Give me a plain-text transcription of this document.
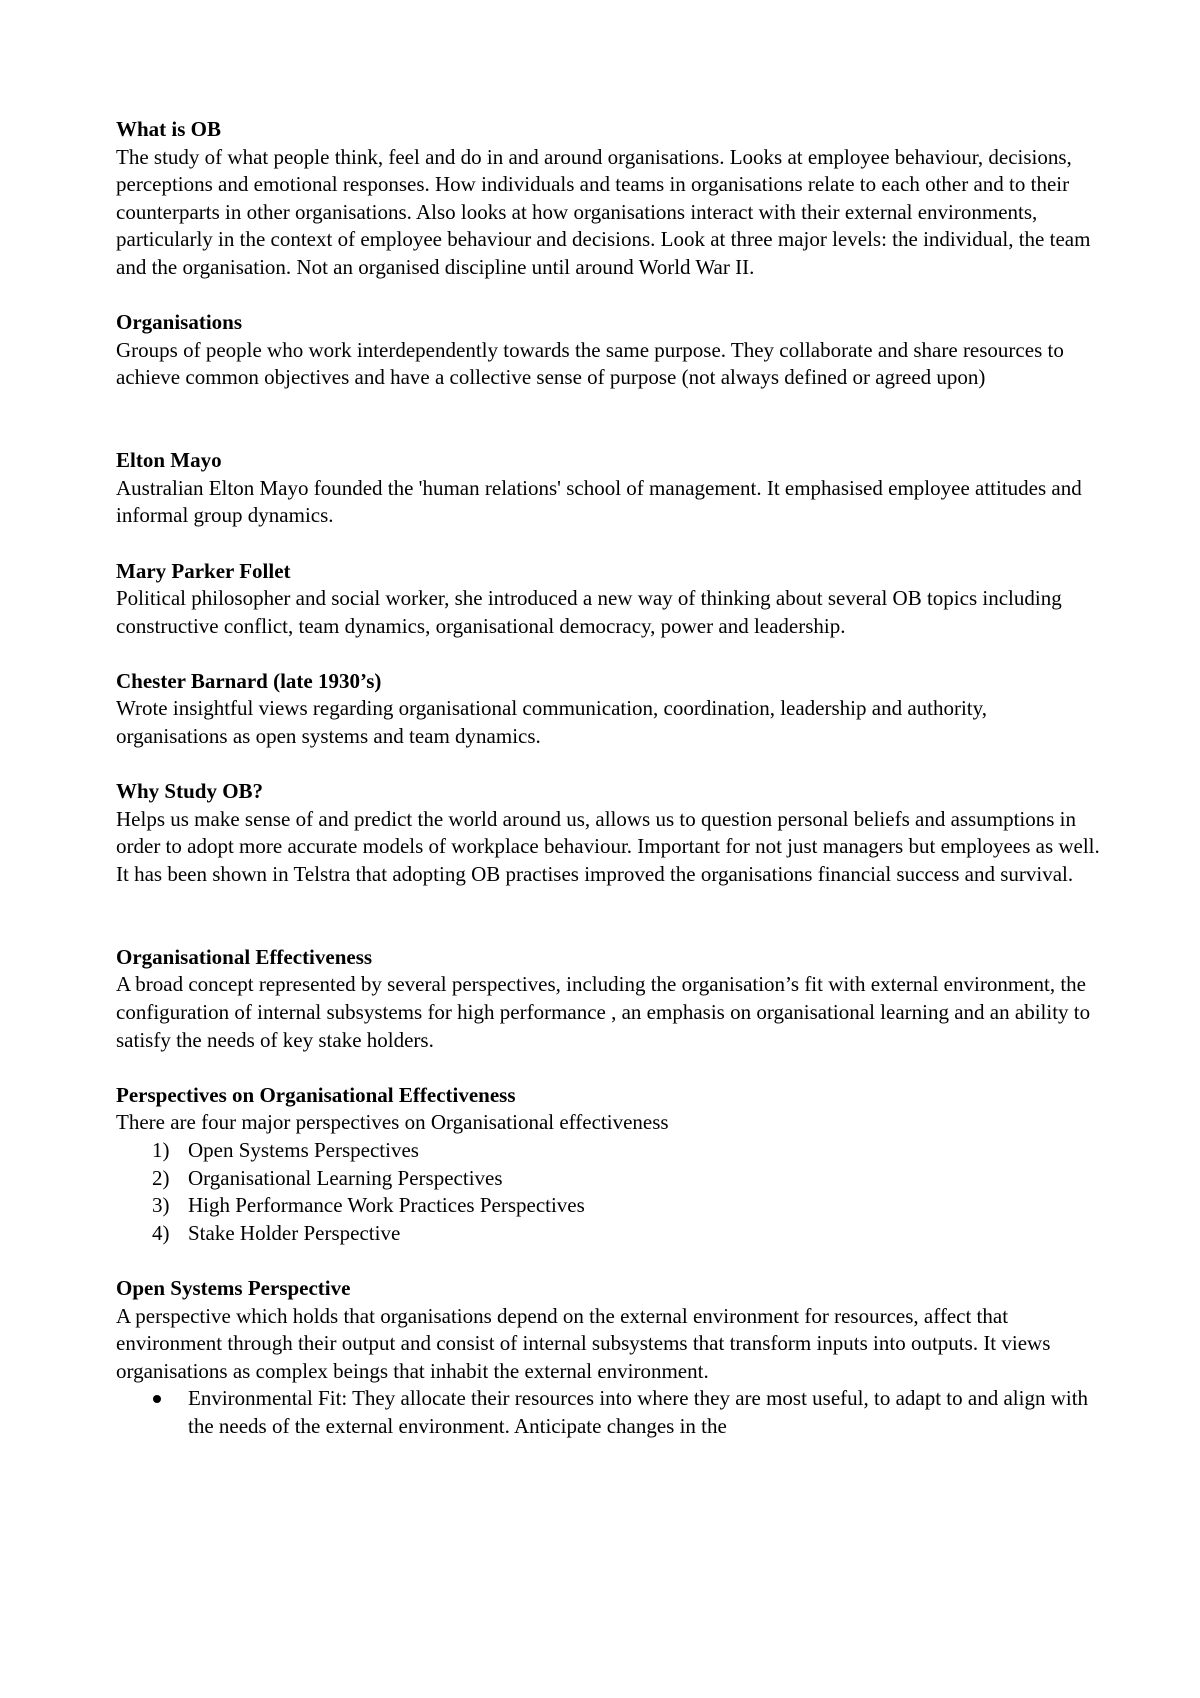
What is OB
The study of what people think, feel and do in and around organisations. Looks at employee behaviour, decisions, perceptions and emotional responses. How individuals and teams in organisations relate to each other and to their counterparts in other organisations. Also looks at how organisations interact with their external environments, particularly in the context of employee behaviour and decisions. Look at three major levels: the individual, the team and the organisation. Not an organised discipline until around World War II.
Organisations
Groups of people who work interdependently towards the same purpose. They collaborate and share resources to achieve common objectives and have a collective sense of purpose (not always defined or agreed upon)
Elton Mayo
Australian Elton Mayo founded the 'human relations' school of management. It emphasised employee attitudes and informal group dynamics.
Mary Parker Follet
Political philosopher and social worker, she introduced a new way of thinking about several OB topics including constructive conflict, team dynamics, organisational democracy, power and leadership.
Chester Barnard (late 1930’s)
Wrote insightful views regarding organisational communication, coordination, leadership and authority, organisations as open systems and team dynamics.
Why Study OB?
Helps us make sense of and predict the world around us, allows us to question personal beliefs and assumptions in order to adopt more accurate models of workplace behaviour. Important for not just managers but employees as well. It has been shown in Telstra that adopting OB practises improved the organisations financial success and survival.
Organisational Effectiveness
A broad concept represented by several perspectives, including the organisation’s fit with external environment, the configuration of internal subsystems for high performance , an emphasis on organisational learning and an ability to satisfy the needs of key stake holders.
Perspectives on Organisational Effectiveness
There are four major perspectives on Organisational effectiveness
1) Open Systems Perspectives
2) Organisational Learning Perspectives
3) High Performance Work Practices Perspectives
4) Stake Holder Perspective
Open Systems Perspective
A perspective which holds that organisations depend on the external environment for resources, affect that environment through their output and consist of internal subsystems that transform inputs into outputs. It views organisations as complex beings that inhabit the external environment.
Environmental Fit: They allocate their resources into where they are most useful, to adapt to and align with the needs of the external environment. Anticipate changes in the
